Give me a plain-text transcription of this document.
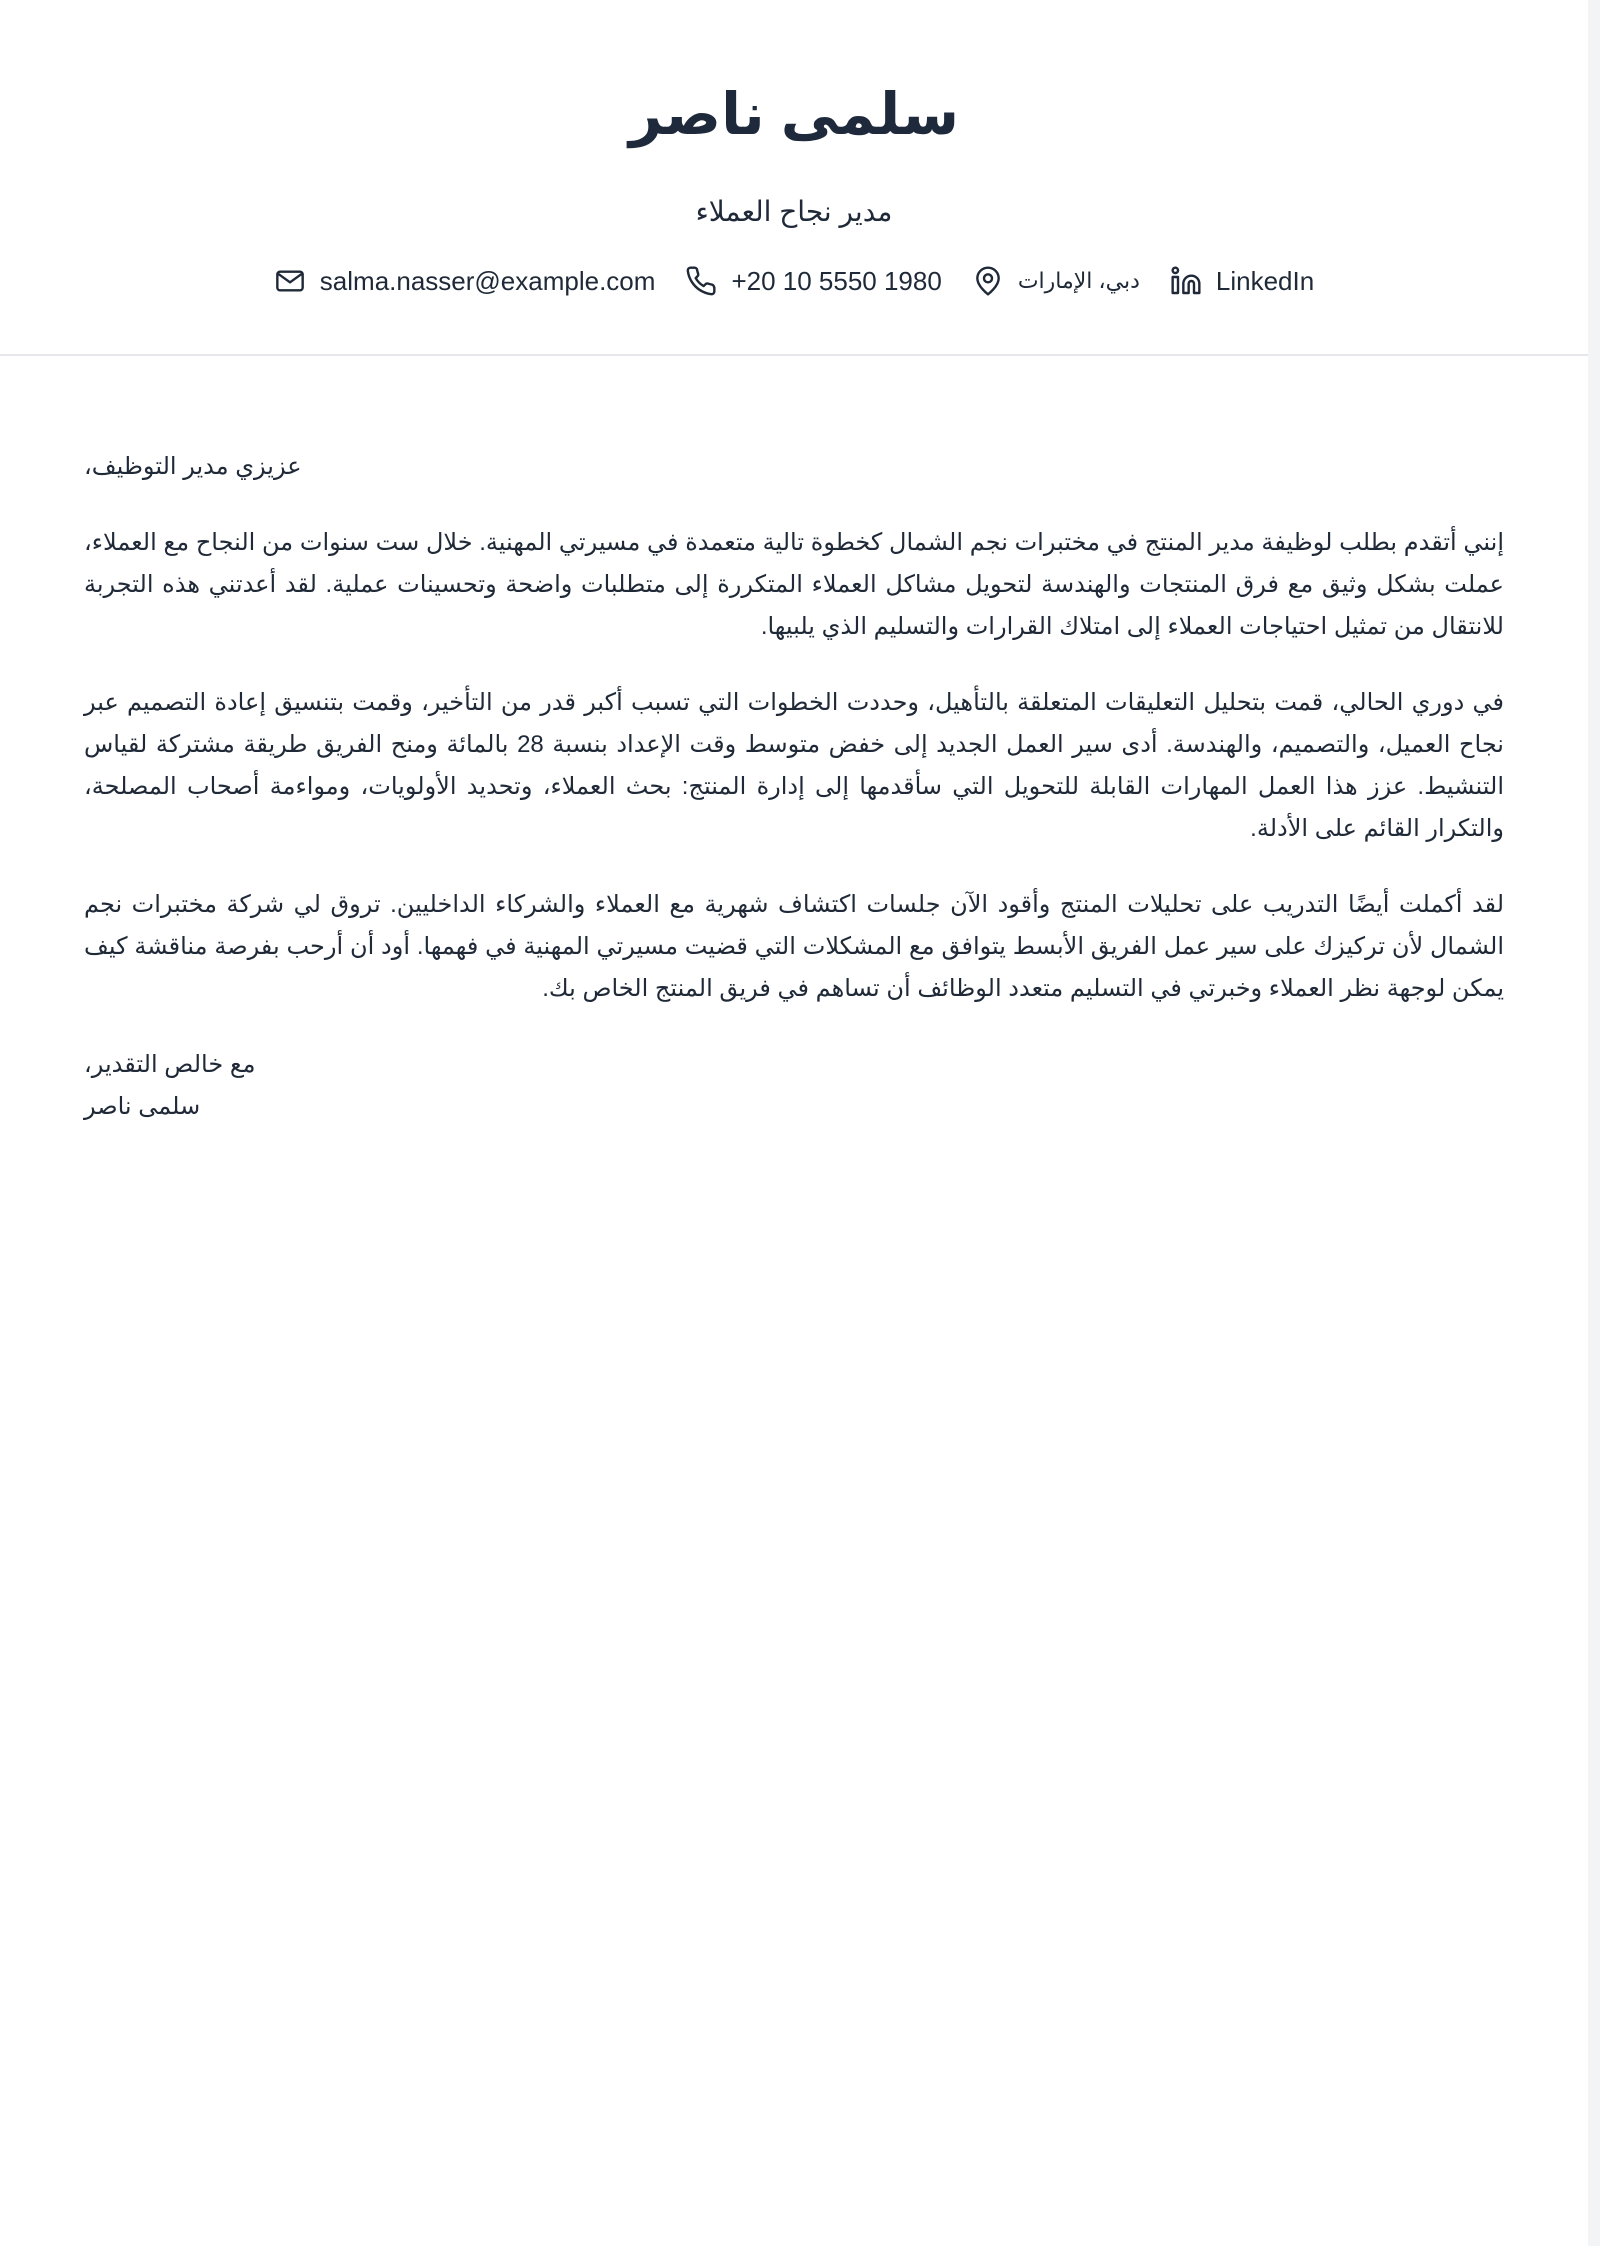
سلمى ناصر
مدير نجاح العملاء
salma.nasser@example.com	+20 10 5550 1980	دبي، الإمارات	LinkedIn

عزيزي مدير التوظيف،

إنني أتقدم بطلب لوظيفة مدير المنتج في مختبرات نجم الشمال كخطوة تالية متعمدة في مسيرتي المهنية. خلال ست سنوات من النجاح مع العملاء، عملت بشكل وثيق مع فرق المنتجات والهندسة لتحويل مشاكل العملاء المتكررة إلى متطلبات واضحة وتحسينات عملية. لقد أعدتني هذه التجربة للانتقال من تمثيل احتياجات العملاء إلى امتلاك القرارات والتسليم الذي يلبيها.

في دوري الحالي، قمت بتحليل التعليقات المتعلقة بالتأهيل، وحددت الخطوات التي تسبب أكبر قدر من التأخير، وقمت بتنسيق إعادة التصميم عبر نجاح العميل، والتصميم، والهندسة. أدى سير العمل الجديد إلى خفض متوسط وقت الإعداد بنسبة 28 بالمائة ومنح الفريق طريقة مشتركة لقياس التنشيط. عزز هذا العمل المهارات القابلة للتحويل التي سأقدمها إلى إدارة المنتج: بحث العملاء، وتحديد الأولويات، ومواءمة أصحاب المصلحة، والتكرار القائم على الأدلة.

لقد أكملت أيضًا التدريب على تحليلات المنتج وأقود الآن جلسات اكتشاف شهرية مع العملاء والشركاء الداخليين. تروق لي شركة مختبرات نجم الشمال لأن تركيزك على سير عمل الفريق الأبسط يتوافق مع المشكلات التي قضيت مسيرتي المهنية في فهمها. أود أن أرحب بفرصة مناقشة كيف يمكن لوجهة نظر العملاء وخبرتي في التسليم متعدد الوظائف أن تساهم في فريق المنتج الخاص بك.

مع خالص التقدير،

سلمى ناصر
